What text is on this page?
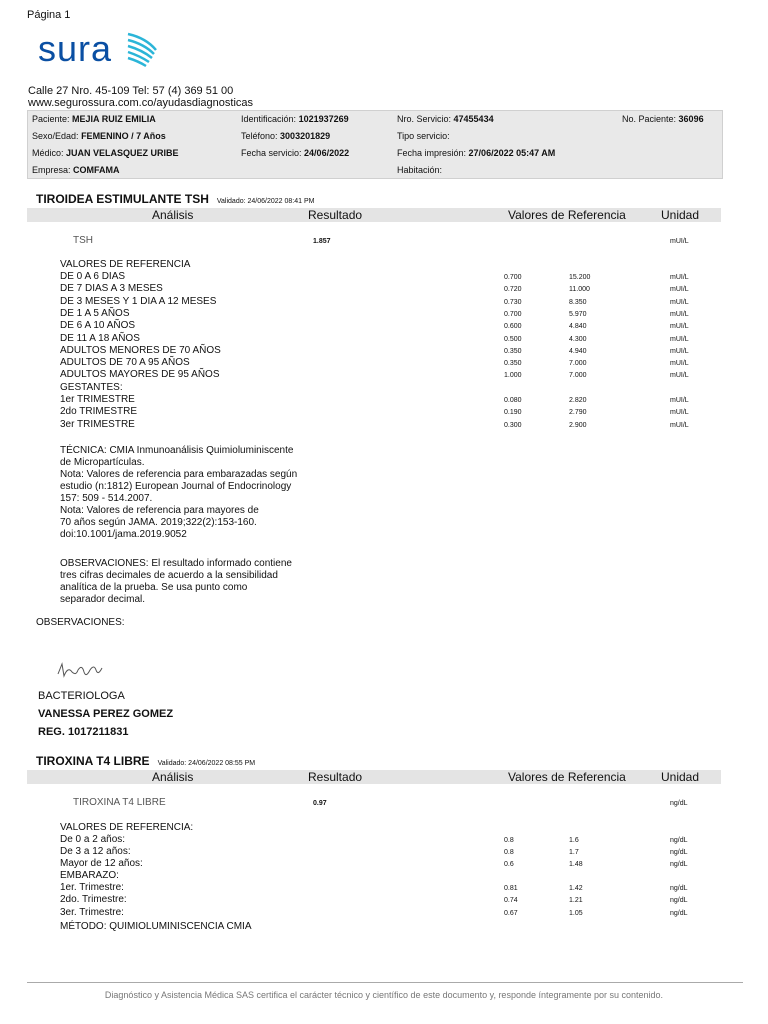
Página 1
sura
Calle 27 Nro. 45-109 Tel: 57 (4) 369 51 00
www.segurossura.com.co/ayudasdiagnosticas
Paciente: MEJIA RUIZ EMILIA	Identificación: 1021937269	Nro. Servicio: 47455434	No. Paciente: 36096
Sexo/Edad: FEMENINO / 7 Años	Teléfono: 3003201829	Tipo servicio:
Médico: JUAN VELASQUEZ URIBE	Fecha servicio: 24/06/2022	Fecha impresión: 27/06/2022 05:47 AM
Empresa: COMFAMA	Habitación:
TIROIDEA ESTIMULANTE TSH Validado: 24/06/2022 08:41 PM
Análisis	Resultado	Valores de Referencia	Unidad
TSH	1.857	mUI/L
VALORES DE REFERENCIA
DE 0 A 6 DIAS	0.700	15.200	mUI/L
DE 7 DIAS A 3 MESES	0.720	11.000	mUI/L
DE 3 MESES Y 1 DIA A 12 MESES	0.730	8.350	mUI/L
DE 1 A 5 AÑOS	0.700	5.970	mUI/L
DE 6 A 10 AÑOS	0.600	4.840	mUI/L
DE 11 A 18 AÑOS	0.500	4.300	mUI/L
ADULTOS MENORES DE 70 AÑOS	0.350	4.940	mUI/L
ADULTOS DE 70 A 95 AÑOS	0.350	7.000	mUI/L
ADULTOS MAYORES DE 95 AÑOS	1.000	7.000	mUI/L
GESTANTES:
1er TRIMESTRE	0.080	2.820	mUI/L
2do TRIMESTRE	0.190	2.790	mUI/L
3er TRIMESTRE	0.300	2.900	mUI/L
TÉCNICA: CMIA Inmunoanálisis Quimioluminiscente
de Micropartículas.
Nota: Valores de referencia para embarazadas según
estudio (n:1812) European Journal of Endocrinology
157: 509 - 514.2007.
Nota: Valores de referencia para mayores de
70 años según JAMA. 2019;322(2):153-160.
doi:10.1001/jama.2019.9052
OBSERVACIONES: El resultado informado contiene
tres cifras decimales de acuerdo a la sensibilidad
analítica de la prueba. Se usa punto como
separador decimal.
OBSERVACIONES:
BACTERIOLOGA
VANESSA PEREZ GOMEZ
REG. 1017211831
TIROXINA T4 LIBRE Validado: 24/06/2022 08:55 PM
Análisis	Resultado	Valores de Referencia	Unidad
TIROXINA T4 LIBRE	0.97	ng/dL
VALORES DE REFERENCIA:
De 0 a 2 años:	0.8	1.6	ng/dL
De 3 a 12 años:	0.8	1.7	ng/dL
Mayor de 12 años:	0.6	1.48	ng/dL
EMBARAZO:
1er. Trimestre:	0.81	1.42	ng/dL
2do. Trimestre:	0.74	1.21	ng/dL
3er. Trimestre:	0.67	1.05	ng/dL
MÉTODO: QUIMIOLUMINISCENCIA CMIA
Diagnóstico y Asistencia Médica SAS certifica el carácter técnico y científico de este documento y, responde íntegramente por su contenido.
